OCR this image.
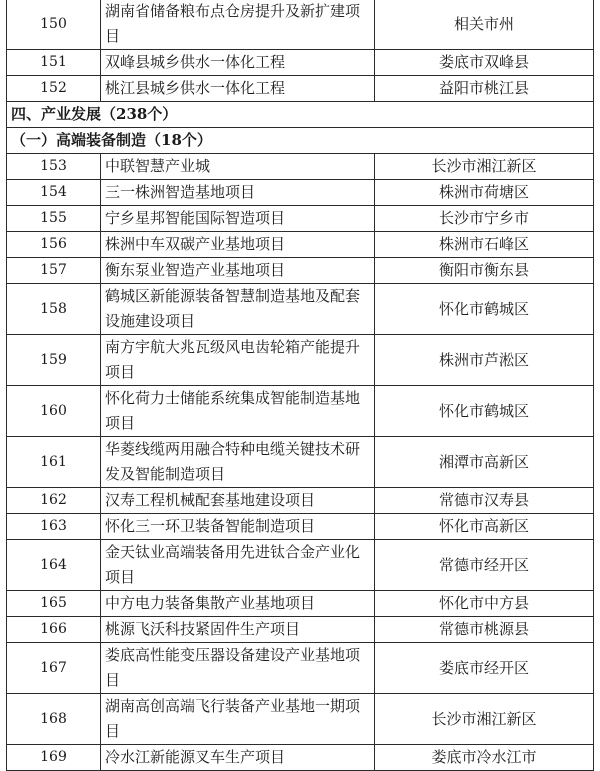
150	湖南省储备粮布点仓房提升及新扩建项目	相关市州
151	双峰县城乡供水一体化工程	娄底市双峰县
152	桃江县城乡供水一体化工程	益阳市桃江县
四、产业发展（238个）		
（一）高端装备制造（18个）		
153	中联智慧产业城	长沙市湘江新区
154	三一株洲智造基地项目	株洲市荷塘区
155	宁乡星邦智能国际智造项目	长沙市宁乡市
156	株洲中车双碳产业基地项目	株洲市石峰区
157	衡东泵业智造产业基地项目	衡阳市衡东县
158	鹤城区新能源装备智慧制造基地及配套设施建设项目	怀化市鹤城区
159	南方宇航大兆瓦级风电齿轮箱产能提升项目	株洲市芦淞区
160	怀化荷力士储能系统集成智能制造基地项目	怀化市鹤城区
161	华菱线缆两用融合特种电缆关键技术研发及智能制造项目	湘潭市高新区
162	汉寿工程机械配套基地建设项目	常德市汉寿县
163	怀化三一环卫装备智能制造项目	怀化市高新区
164	金天钛业高端装备用先进钛合金产业化项目	常德市经开区
165	中方电力装备集散产业基地项目	怀化市中方县
166	桃源飞沃科技紧固件生产项目	常德市桃源县
167	娄底高性能变压器设备建设产业基地项目	娄底市经开区
168	湖南高创高端飞行装备产业基地一期项目	长沙市湘江新区
169	冷水江新能源叉车生产项目	娄底市冷水江市
